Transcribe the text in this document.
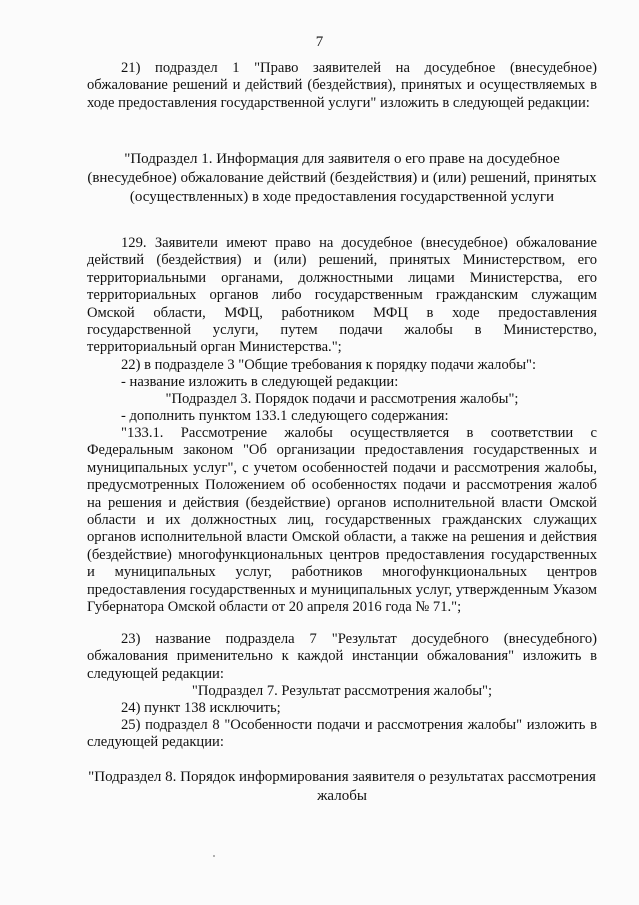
7
21) подраздел 1 "Право заявителей на досудебное (внесудебное) обжалование решений и действий (бездействия), принятых и осуществляемых в ходе предоставления государственной услуги" изложить в следующей редакции:
"Подраздел 1. Информация для заявителя о его праве на досудебное (внесудебное) обжалование действий (бездействия) и (или) решений, принятых (осуществленных) в ходе предоставления государственной услуги
129. Заявители имеют право на досудебное (внесудебное) обжалование действий (бездействия) и (или) решений, принятых Министерством, его территориальными органами, должностными лицами Министерства, его территориальных органов либо государственным гражданским служащим Омской области, МФЦ, работником МФЦ в ходе предоставления государственной услуги, путем подачи жалобы в Министерство, территориальный орган Министерства.";
22) в подразделе 3 "Общие требования к порядку подачи жалобы":
- название изложить в следующей редакции:
"Подраздел 3. Порядок подачи и рассмотрения жалобы";
- дополнить пунктом 133.1 следующего содержания:
"133.1. Рассмотрение жалобы осуществляется в соответствии с Федеральным законом "Об организации предоставления государственных и муниципальных услуг", с учетом особенностей подачи и рассмотрения жалобы, предусмотренных Положением об особенностях подачи и рассмотрения жалоб на решения и действия (бездействие) органов исполнительной власти Омской области и их должностных лиц, государственных гражданских служащих органов исполнительной власти Омской области, а также на решения и действия (бездействие) многофункциональных центров предоставления государственных и муниципальных услуг, работников многофункциональных центров предоставления государственных и муниципальных услуг, утвержденным Указом Губернатора Омской области от 20 апреля 2016 года № 71.";
23) название подраздела 7 "Результат досудебного (внесудебного) обжалования применительно к каждой инстанции обжалования" изложить в следующей редакции:
"Подраздел 7. Результат рассмотрения жалобы";
24) пункт 138 исключить;
25) подраздел 8 "Особенности подачи и рассмотрения жалобы" изложить в следующей редакции:
"Подраздел 8. Порядок информирования заявителя о результатах рассмотрения жалобы
